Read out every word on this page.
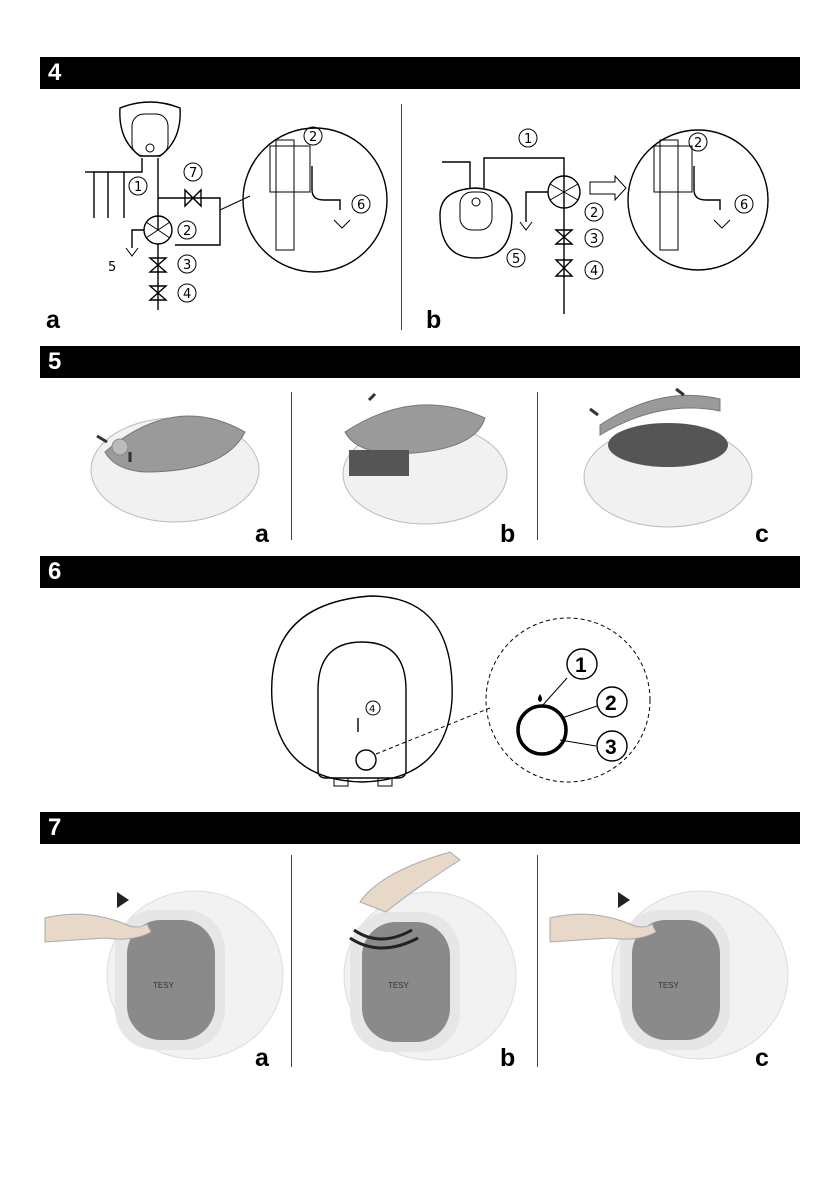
4
1
2
3
4
5
7
2
6
a
1
2
3
4
5
2
6
b
5
a	b	c
6
4
1
2
3
7
TESY
a
TESY
b
TESY
c
